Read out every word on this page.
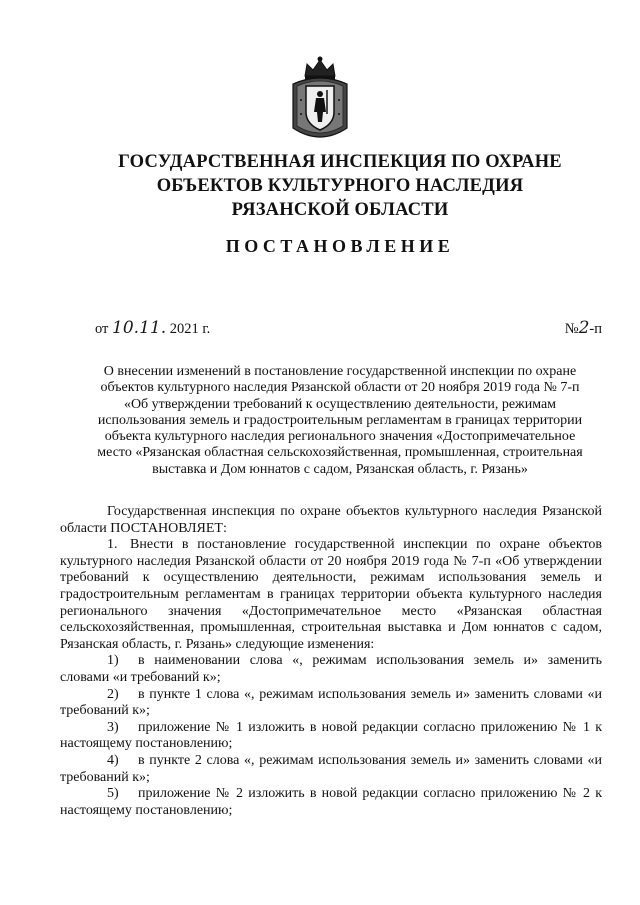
ГОСУДАРСТВЕННАЯ ИНСПЕКЦИЯ ПО ОХРАНЕ
ОБЪЕКТОВ КУЛЬТУРНОГО НАСЛЕДИЯ
РЯЗАНСКОЙ ОБЛАСТИ
ПОСТАНОВЛЕНИЕ
от 10.11. 2021 г.	№2-п
О внесении изменений в постановление государственной инспекции по охране
объектов культурного наследия Рязанской области от 20 ноября 2019 года № 7-п
«Об утверждении требований к осуществлению деятельности, режимам
использования земель и градостроительным регламентам в границах территории
объекта культурного наследия регионального значения «Достопримечательное
место «Рязанская областная сельскохозяйственная, промышленная, строительная
выставка и Дом юннатов с садом, Рязанская область, г. Рязань»

Государственная инспекция по охране объектов культурного наследия Рязанской области ПОСТАНОВЛЯЕТ:

1. Внести в постановление государственной инспекции по охране объектов культурного наследия Рязанской области от 20 ноября 2019 года № 7-п «Об утверждении требований к осуществлению деятельности, режимам использования земель и градостроительным регламентам в границах территории объекта культурного наследия регионального значения «Достопримечательное место «Рязанская областная сельскохозяйственная, промышленная, строительная выставка и Дом юннатов с садом, Рязанская область, г. Рязань» следующие изменения:

1) в наименовании слова «, режимам использования земель и» заменить словами «и требований к»;

2) в пункте 1 слова «, режимам использования земель и» заменить словами «и требований к»;

3) приложение № 1 изложить в новой редакции согласно приложению № 1 к настоящему постановлению;

4) в пункте 2 слова «, режимам использования земель и» заменить словами «и требований к»;

5) приложение № 2 изложить в новой редакции согласно приложению № 2 к настоящему постановлению;
